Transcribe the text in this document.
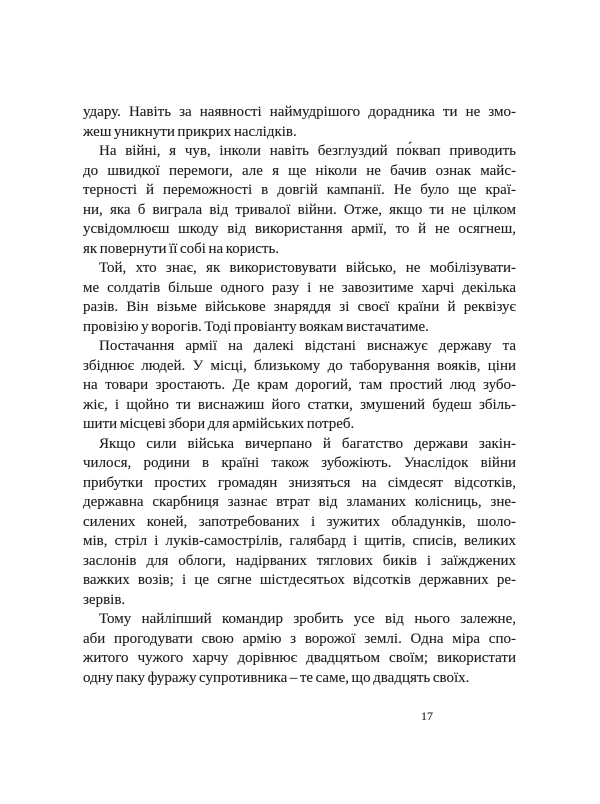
удару. Навіть за наявності наймудрішого дорадника ти не змо-
жеш уникнути прикрих наслідків.
На війні, я чув, інколи навіть безглуздий по́квап приводить
до швидкої перемоги, але я ще ніколи не бачив ознак майс-
терності й переможності в довгій кампанії. Не було ще краї-
ни, яка б виграла від тривалої війни. Отже, якщо ти не цілком
усвідомлюєш шкоду від використання армії, то й не осягнеш,
як повернути її собі на користь.
Той, хто знає, як використовувати військо, не мобілізувати-
ме солдатів більше одного разу і не завозитиме харчі декілька
разів. Він візьме військове знаряддя зі своєї країни й реквізує
провізію у ворогів. Тоді провіанту воякам вистачатиме.
Постачання армії на далекі відстані виснажує державу та
збіднює людей. У місці, близькому до таборування вояків, ціни
на товари зростають. Де крам дорогий, там простий люд зубо-
жіє, і щойно ти виснажиш його статки, змушений будеш збіль-
шити місцеві збори для армійських потреб.
Якщо сили війська вичерпано й багатство держави закін-
чилося, родини в країні також зубожіють. Унаслідок війни
прибутки простих громадян знизяться на сімдесят відсотків,
державна скарбниця зазнає втрат від зламаних колісниць, зне-
силених коней, запотребованих і зужитих обладунків, шоло-
мів, стріл і луків-самострілів, галябард і щитів, списів, великих
заслонів для облоги, надірваних тяглових биків і заїжджених
важких возів; і це сягне шістдесятьох відсотків державних ре-
зервів.
Тому найліпший командир зробить усе від нього залежне,
аби прогодувати свою армію з ворожої землі. Одна міра спо-
житого чужого харчу дорівнює двадцятьом своїм; використати
одну паку фуражу супротивника – те саме, що двадцять своїх.
17
